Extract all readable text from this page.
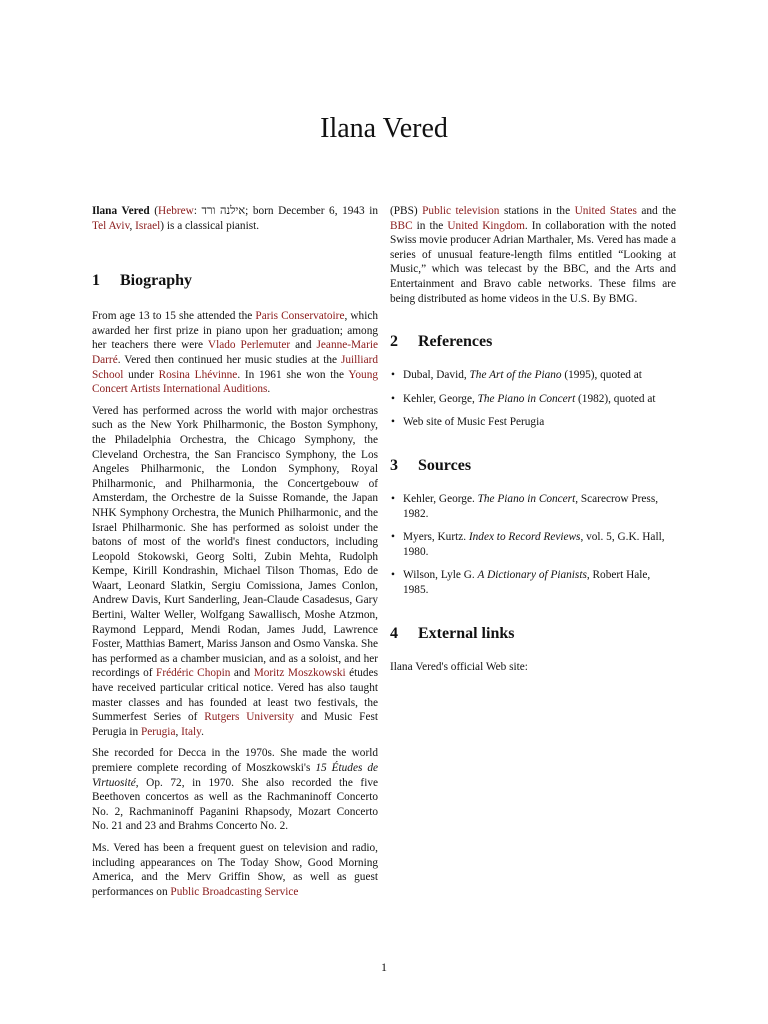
Ilana Vered

Ilana Vered (Hebrew: אילנה ורד; born December 6, 1943 in Tel Aviv, Israel) is a classical pianist.

1 Biography

From age 13 to 15 she attended the Paris Conservatoire, which awarded her first prize in piano upon her graduation; among her teachers there were Vlado Perlemuter and Jeanne-Marie Darré. Vered then continued her music studies at the Juilliard School under Rosina Lhévinne. In 1961 she won the Young Concert Artists International Auditions.

Vered has performed across the world with major orchestras such as the New York Philharmonic, the Boston Symphony, the Philadelphia Orchestra, the Chicago Symphony, the Cleveland Orchestra, the San Francisco Symphony, the Los Angeles Philharmonic, the London Symphony, Royal Philharmonic, and Philharmonia, the Concertgebouw of Amsterdam, the Orchestre de la Suisse Romande, the Japan NHK Symphony Orchestra, the Munich Philharmonic, and the Israel Philharmonic. She has performed as soloist under the batons of most of the world's finest conductors, including Leopold Stokowski, Georg Solti, Zubin Mehta, Rudolph Kempe, Kirill Kondrashin, Michael Tilson Thomas, Edo de Waart, Leonard Slatkin, Sergiu Comissiona, James Conlon, Andrew Davis, Kurt Sanderling, Jean-Claude Casadesus, Gary Bertini, Walter Weller, Wolfgang Sawallisch, Moshe Atzmon, Raymond Leppard, Mendi Rodan, James Judd, Lawrence Foster, Matthias Bamert, Mariss Janson and Osmo Vanska. She has performed as a chamber musician, and as a soloist, and her recordings of Frédéric Chopin and Moritz Moszkowski études have received particular critical notice. Vered has also taught master classes and has founded at least two festivals, the Summerfest Series of Rutgers University and Music Fest Perugia in Perugia, Italy.

She recorded for Decca in the 1970s. She made the world premiere complete recording of Moszkowski's 15 Études de Virtuosité, Op. 72, in 1970. She also recorded the five Beethoven concertos as well as the Rachmaninoff Concerto No. 2, Rachmaninoff Paganini Rhapsody, Mozart Concerto No. 21 and 23 and Brahms Concerto No. 2.

Ms. Vered has been a frequent guest on television and radio, including appearances on The Today Show, Good Morning America, and the Merv Griffin Show, as well as guest performances on Public Broadcasting Service

(PBS) Public television stations in the United States and the BBC in the United Kingdom. In collaboration with the noted Swiss movie producer Adrian Marthaler, Ms. Vered has made a series of unusual feature-length films entitled “Looking at Music,” which was telecast by the BBC, and the Arts and Entertainment and Bravo cable networks. These films are being distributed as home videos in the U.S. By BMG.

2 References
• Dubal, David, The Art of the Piano (1995), quoted at
• Kehler, George, The Piano in Concert (1982), quoted at
• Web site of Music Fest Perugia
3 Sources
• Kehler, George. The Piano in Concert, Scarecrow Press, 1982.
• Myers, Kurtz. Index to Record Reviews, vol. 5, G.K. Hall, 1980.
• Wilson, Lyle G. A Dictionary of Pianists, Robert Hale, 1985.
4 External links

Ilana Vered's official Web site:

1
